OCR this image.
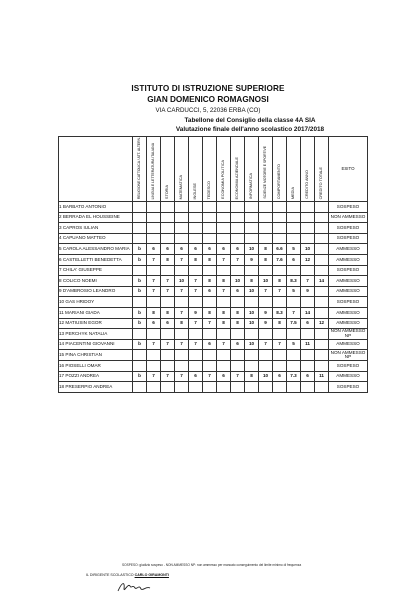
ISTITUTO DI ISTRUZIONE SUPERIORE
GIAN DOMENICO ROMAGNOSI
VIA CARDUCCI, 5, 22036 ERBA (CO)
Tabellone del Consiglio della classe 4A SIA
Valutazione finale dell'anno scolastico 2017/2018

	RELIGIONE CATTOLICA / ATT. ALTERN.	LINGUA E LETTERATURA ITALIANA	STORIA	MATEMATICA	INGLESE	TEDESCO	ECONOMIA POLITICA	ECONOMIA AZIENDALE	INFORMATICA	SCIENZE MOTORIE E SPORTIVE	COMPORTAMENTO	MEDIA	CREDITO ANNO	CREDITO TOTALE	ESITO
1 BARBATO ANTONIO															SOSPESO
2 BERRADA EL HOUSSEINE															NON AMMESSO
3 CAPROS IULIAN															SOSPESO
4 CAPUANO MATTEO															SOSPESO
5 CAROLA ALESSANDRO MARIA	b	6	6	6	6	6	6	6	10	8	6.6	5	10		AMMESSO
6 CASTELLETTI BENEDETTA	b	7	8	7	8	8	7	7	9	8	7.6	6	12		AMMESSO
7 CHILA' GIUSEPPE															SOSPESO
8 COLICO NOEMI	b	7	7	10	7	8	8	10	8	10	8	8.3	7	14	AMMESSO
9 D'AMBROSIO LEANDRO	b	7	7	7	7	6	7	6	10	7	7	5	9		AMMESSO
10 GAS HRIDOY															SOSPESO
11 MARIANI GIADA	b	8	8	7	9	8	8	8	10	9	8.3	7	14		AMMESSO
12 MATIUSIN EGOR	b	6	6	8	7	7	8	8	10	9	8	7.5	6	12	AMMESSO
13 PERCHYK NATALIA															NON AMMESSO NP
14 PIACENTINI GIOVANNI	b	7	7	7	7	6	7	6	10	7	7	5	11		AMMESSO
15 PINA CHRISTIAN															NON AMMESSO NP
16 PIOSELLI OMAR															SOSPESO
17 POZZI ANDREA	b	7	7	7	6	7	6	7	8	10	6	7.3	6	11	AMMESSO
18 PRESERPIO ANDREA															SOSPESO
SOSPESO: giudizio sospeso - NON AMMESSO NP: non ammesso per mancato conseguimento del limite minimo di frequenza
IL DIRIGENTE SCOLASTICO CARLO GIRAMONTI
